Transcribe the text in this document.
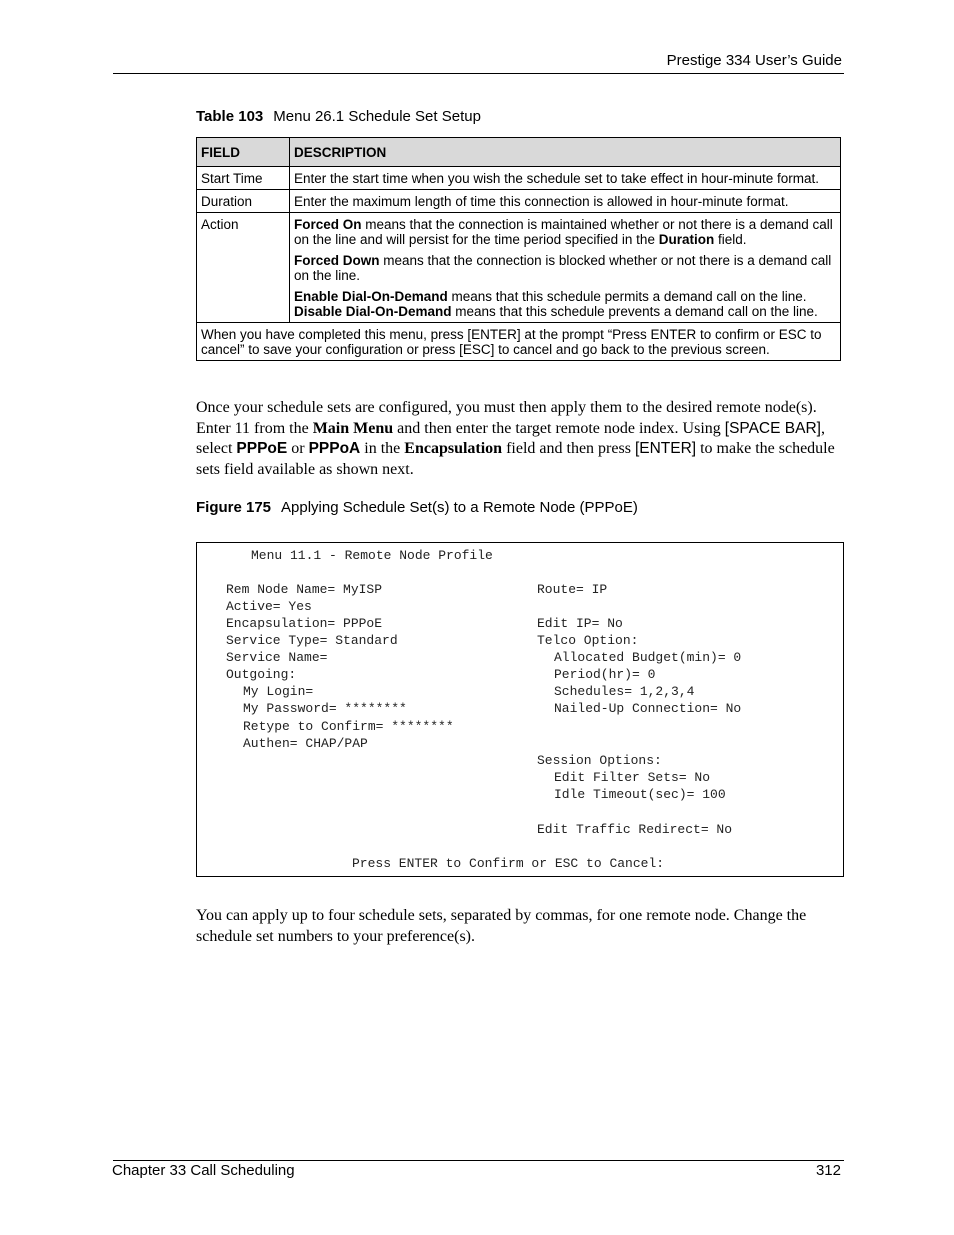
Prestige 334 User’s Guide
Table 103 Menu 26.1 Schedule Set Setup
FIELD	DESCRIPTION
Start Time	Enter the start time when you wish the schedule set to take effect in hour-minute format.
Duration	Enter the maximum length of time this connection is allowed in hour-minute format.
Action	Forced On means that the connection is maintained whether or not there is a demand call on the line and will persist for the time period specified in the Duration field.

Forced Down means that the connection is blocked whether or not there is a demand call on the line.

Enable Dial-On-Demand means that this schedule permits a demand call on the line.
Disable Dial-On-Demand means that this schedule prevents a demand call on the line.

When you have completed this menu, press [ENTER] at the prompt “Press ENTER to confirm or ESC to cancel” to save your configuration or press [ESC] to cancel and go back to the previous screen.	
Once your schedule sets are configured, you must then apply them to the desired remote node(s). Enter 11 from the Main Menu and then enter the target remote node index. Using [SPACE BAR], select PPPoE or PPPoA in the Encapsulation field and then press [ENTER] to make the schedule sets field available as shown next.
Figure 175 Applying Schedule Set(s) to a Remote Node (PPPoE)
Menu 11.1 - Remote Node Profile
Rem Node Name= MyISP
Active= Yes
Encapsulation= PPPoE
Service Type= Standard
Service Name=
Outgoing:
My Login=
My Password= ********
Retype to Confirm= ********
Authen= CHAP/PAP
Route= IP
Edit IP= No
Telco Option:
Allocated Budget(min)= 0
Period(hr)= 0
Schedules= 1,2,3,4
Nailed-Up Connection= No
Session Options:
Edit Filter Sets= No
Idle Timeout(sec)= 100
Edit Traffic Redirect= No
Press ENTER to Confirm or ESC to Cancel:
You can apply up to four schedule sets, separated by commas, for one remote node. Change the schedule set numbers to your preference(s).
Chapter 33 Call Scheduling	312
